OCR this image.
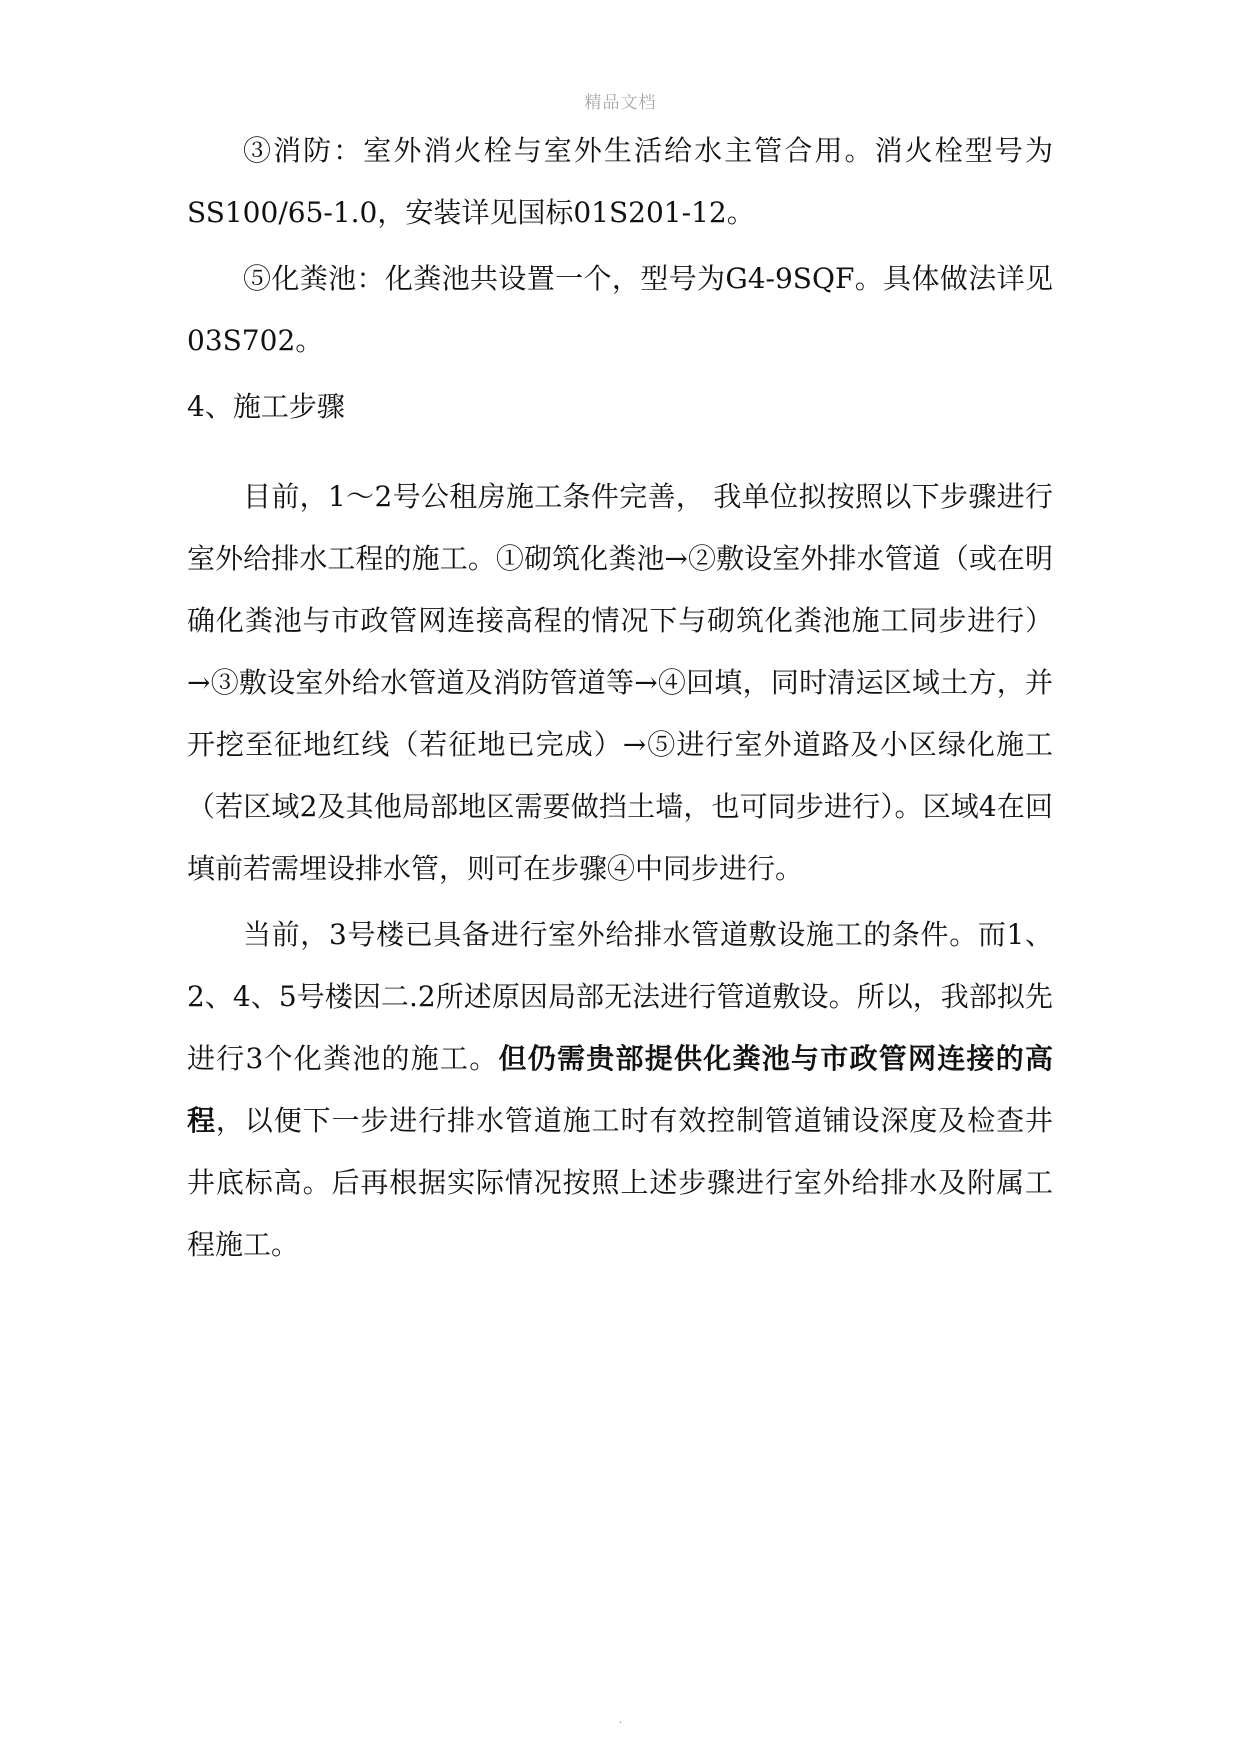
精品文档

③消防：室外消火栓与室外生活给水主管合用。消火栓型号为SS100/65-1.0，安装详见国标01S201-12。

⑤化粪池：化粪池共设置一个，型号为G4-9SQF。具体做法详见03S702。

4、施工步骤

目前，1～2号公租房施工条件完善， 我单位拟按照以下步骤进行室外给排水工程的施工。①砌筑化粪池→②敷设室外排水管道（或在明确化粪池与市政管网连接高程的情况下与砌筑化粪池施工同步进行）→③敷设室外给水管道及消防管道等→④回填，同时清运区域土方，并开挖至征地红线（若征地已完成）→⑤进行室外道路及小区绿化施工（若区域2及其他局部地区需要做挡土墙，也可同步进行）。区域4在回填前若需埋设排水管，则可在步骤④中同步进行。

当前，3号楼已具备进行室外给排水管道敷设施工的条件。而1、2、4、5号楼因二.2所述原因局部无法进行管道敷设。所以，我部拟先进行3个化粪池的施工。但仍需贵部提供化粪池与市政管网连接的高程，以便下一步进行排水管道施工时有效控制管道铺设深度及检查井井底标高。后再根据实际情况按照上述步骤进行室外给排水及附属工程施工。

.
